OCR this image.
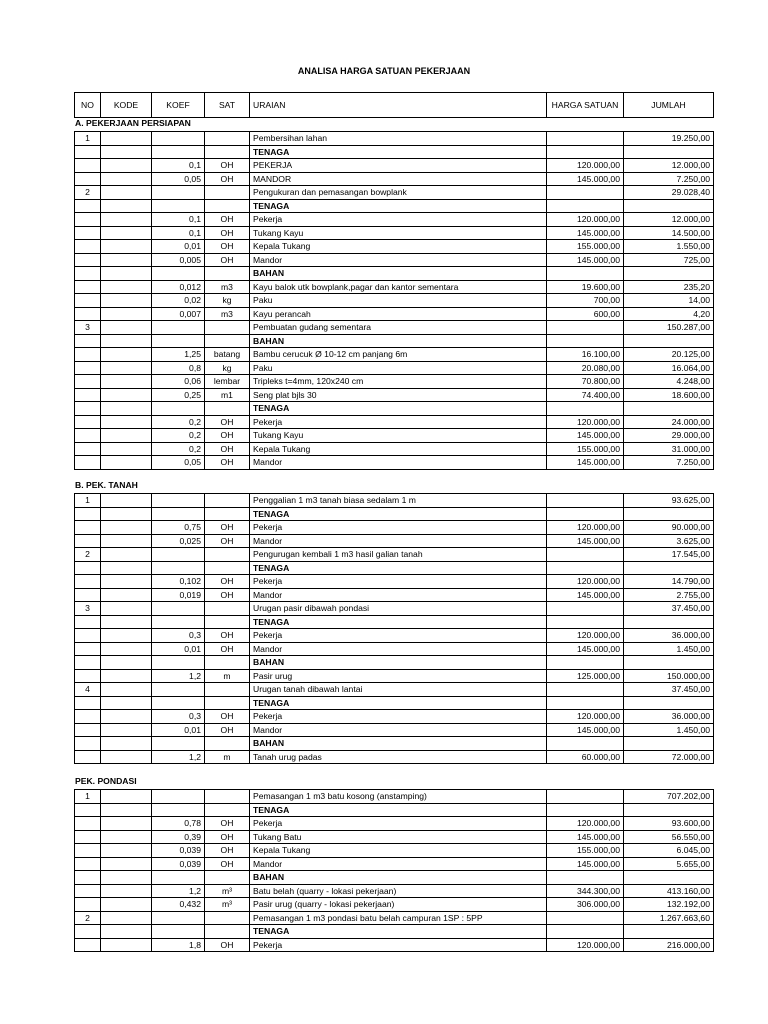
ANALISA HARGA SATUAN PEKERJAAN
NO	KODE	KOEF	SAT	URAIAN	HARGA SATUAN	JUMLAH
A. PEKERJAAN PERSIAPAN
1				Pembersihan lahan		19.250,00
				TENAGA		
		0,1	OH	PEKERJA	120.000,00	12.000,00
		0,05	OH	MANDOR	145.000,00	7.250,00
2				Pengukuran dan pemasangan bowplank		29.028,40
				TENAGA		
		0,1	OH	Pekerja	120.000,00	12.000,00
		0,1	OH	Tukang Kayu	145.000,00	14.500,00
		0,01	OH	Kepala Tukang	155.000,00	1.550,00
		0,005	OH	Mandor	145.000,00	725,00
				BAHAN		
		0,012	m3	Kayu balok utk bowplank,pagar dan kantor sementara	19.600,00	235,20
		0,02	kg	Paku	700,00	14,00
		0,007	m3	Kayu perancah	600,00	4,20
3				Pembuatan gudang sementara		150.287,00
				BAHAN		
		1,25	batang	Bambu cerucuk Ø 10-12 cm panjang 6m	16.100,00	20.125,00
		0,8	kg	Paku	20.080,00	16.064,00
		0,06	lembar	Tripleks t=4mm, 120x240 cm	70.800,00	4.248,00
		0,25	m1	Seng plat bjls 30	74.400,00	18.600,00
				TENAGA		
		0,2	OH	Pekerja	120.000,00	24.000,00
		0,2	OH	Tukang Kayu	145.000,00	29.000,00
		0,2	OH	Kepala Tukang	155.000,00	31.000,00
		0,05	OH	Mandor	145.000,00	7.250,00
B. PEK. TANAH
1				Penggalian 1 m3 tanah biasa sedalam 1 m		93.625,00
				TENAGA		
		0,75	OH	Pekerja	120.000,00	90.000,00
		0,025	OH	Mandor	145.000,00	3.625,00
2				Pengurugan kembali 1 m3 hasil galian tanah		17.545,00
				TENAGA		
		0,102	OH	Pekerja	120.000,00	14.790,00
		0,019	OH	Mandor	145.000,00	2.755,00
3				Urugan pasir dibawah pondasi		37.450,00
				TENAGA		
		0,3	OH	Pekerja	120.000,00	36.000,00
		0,01	OH	Mandor	145.000,00	1.450,00
				BAHAN		
		1,2	m	Pasir urug	125.000,00	150.000,00
4				Urugan tanah dibawah lantai		37.450,00
				TENAGA		
		0,3	OH	Pekerja	120.000,00	36.000,00
		0,01	OH	Mandor	145.000,00	1.450,00
				BAHAN		
		1,2	m	Tanah urug padas	60.000,00	72.000,00
PEK. PONDASI
1				Pemasangan 1 m3 batu kosong (anstamping)		707.202,00
				TENAGA		
		0,78	OH	Pekerja	120.000,00	93.600,00
		0,39	OH	Tukang Batu	145.000,00	56.550,00
		0,039	OH	Kepala Tukang	155.000,00	6.045,00
		0,039	OH	Mandor	145.000,00	5.655,00
				BAHAN		
		1,2	m³	Batu belah (quarry - lokasi pekerjaan)	344.300,00	413.160,00
		0,432	m³	Pasir urug (quarry - lokasi pekerjaan)	306.000,00	132.192,00
2				Pemasangan 1 m3 pondasi batu belah campuran 1SP : 5PP		1.267.663,60
				TENAGA		
		1,8	OH	Pekerja	120.000,00	216.000,00
